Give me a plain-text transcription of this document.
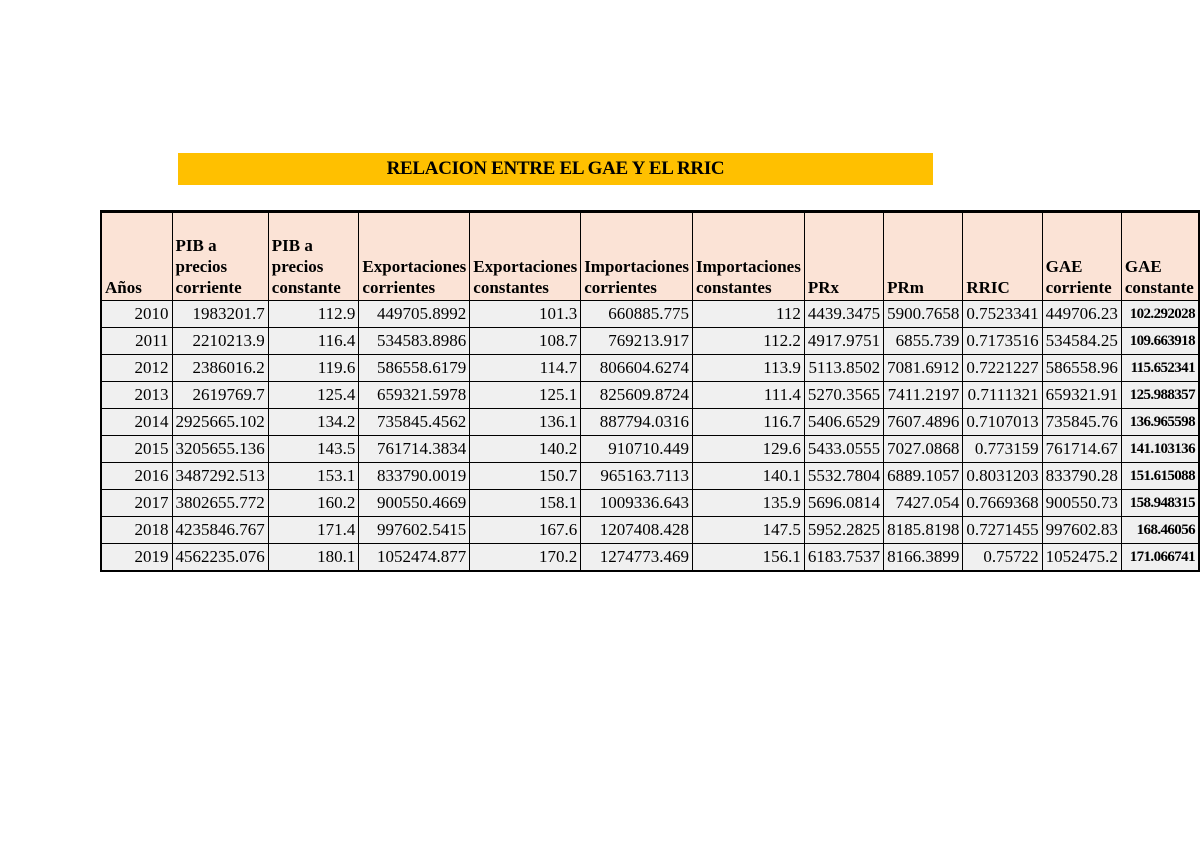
RELACION ENTRE EL GAE Y EL RRIC
Años	PIB a precios corriente	PIB a precios constante	Exportaciones corrientes	Exportaciones constantes	Importaciones corrientes	Importaciones constantes	PRx	PRm	RRIC	GAE corriente	GAE constante
2010	1983201.7	112.9	449705.8992	101.3	660885.775	112	4439.3475	5900.7658	0.7523341	449706.23	102.292028
2011	2210213.9	116.4	534583.8986	108.7	769213.917	112.2	4917.9751	6855.739	0.7173516	534584.25	109.663918
2012	2386016.2	119.6	586558.6179	114.7	806604.6274	113.9	5113.8502	7081.6912	0.7221227	586558.96	115.652341
2013	2619769.7	125.4	659321.5978	125.1	825609.8724	111.4	5270.3565	7411.2197	0.7111321	659321.91	125.988357
2014	2925665.102	134.2	735845.4562	136.1	887794.0316	116.7	5406.6529	7607.4896	0.7107013	735845.76	136.965598
2015	3205655.136	143.5	761714.3834	140.2	910710.449	129.6	5433.0555	7027.0868	0.773159	761714.67	141.103136
2016	3487292.513	153.1	833790.0019	150.7	965163.7113	140.1	5532.7804	6889.1057	0.8031203	833790.28	151.615088
2017	3802655.772	160.2	900550.4669	158.1	1009336.643	135.9	5696.0814	7427.054	0.7669368	900550.73	158.948315
2018	4235846.767	171.4	997602.5415	167.6	1207408.428	147.5	5952.2825	8185.8198	0.7271455	997602.83	168.46056
2019	4562235.076	180.1	1052474.877	170.2	1274773.469	156.1	6183.7537	8166.3899	0.75722	1052475.2	171.066741
